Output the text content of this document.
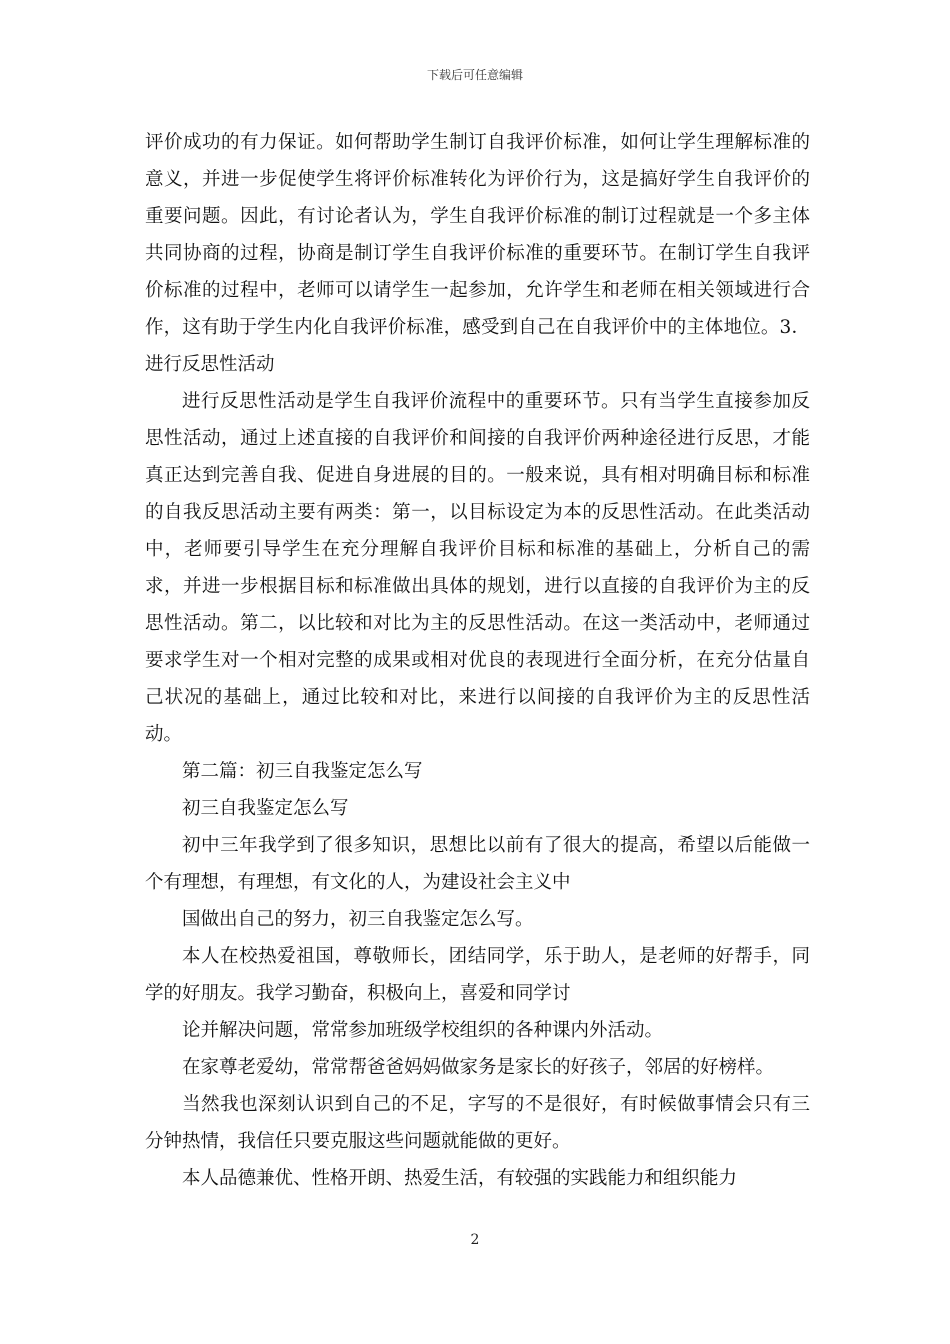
下载后可任意编辑

评价成功的有力保证。如何帮助学生制订自我评价标准，如何让学生理解标准的意义，并进一步促使学生将评价标准转化为评价行为，这是搞好学生自我评价的重要问题。因此，有讨论者认为，学生自我评价标准的制订过程就是一个多主体共同协商的过程，协商是制订学生自我评价标准的重要环节。在制订学生自我评价标准的过程中，老师可以请学生一起参加，允许学生和老师在相关领域进行合作，这有助于学生内化自我评价标准，感受到自己在自我评价中的主体地位。3．进行反思性活动

进行反思性活动是学生自我评价流程中的重要环节。只有当学生直接参加反思性活动，通过上述直接的自我评价和间接的自我评价两种途径进行反思，才能真正达到完善自我、促进自身进展的目的。一般来说，具有相对明确目标和标准的自我反思活动主要有两类：第一，以目标设定为本的反思性活动。在此类活动中，老师要引导学生在充分理解自我评价目标和标准的基础上，分析自己的需求，并进一步根据目标和标准做出具体的规划，进行以直接的自我评价为主的反思性活动。第二，以比较和对比为主的反思性活动。在这一类活动中，老师通过要求学生对一个相对完整的成果或相对优良的表现进行全面分析，在充分估量自己状况的基础上，通过比较和对比，来进行以间接的自我评价为主的反思性活动。

第二篇：初三自我鉴定怎么写

初三自我鉴定怎么写

初中三年我学到了很多知识，思想比以前有了很大的提高，希望以后能做一个有理想，有理想，有文化的人，为建设社会主义中

国做出自己的努力，初三自我鉴定怎么写。

本人在校热爱祖国，尊敬师长，团结同学，乐于助人，是老师的好帮手，同学的好朋友。我学习勤奋，积极向上，喜爱和同学讨

论并解决问题，常常参加班级学校组织的各种课内外活动。

在家尊老爱幼，常常帮爸爸妈妈做家务是家长的好孩子，邻居的好榜样。

当然我也深刻认识到自己的不足，字写的不是很好，有时候做事情会只有三分钟热情，我信任只要克服这些问题就能做的更好。

本人品德兼优、性格开朗、热爱生活，有较强的实践能力和组织能力

2
